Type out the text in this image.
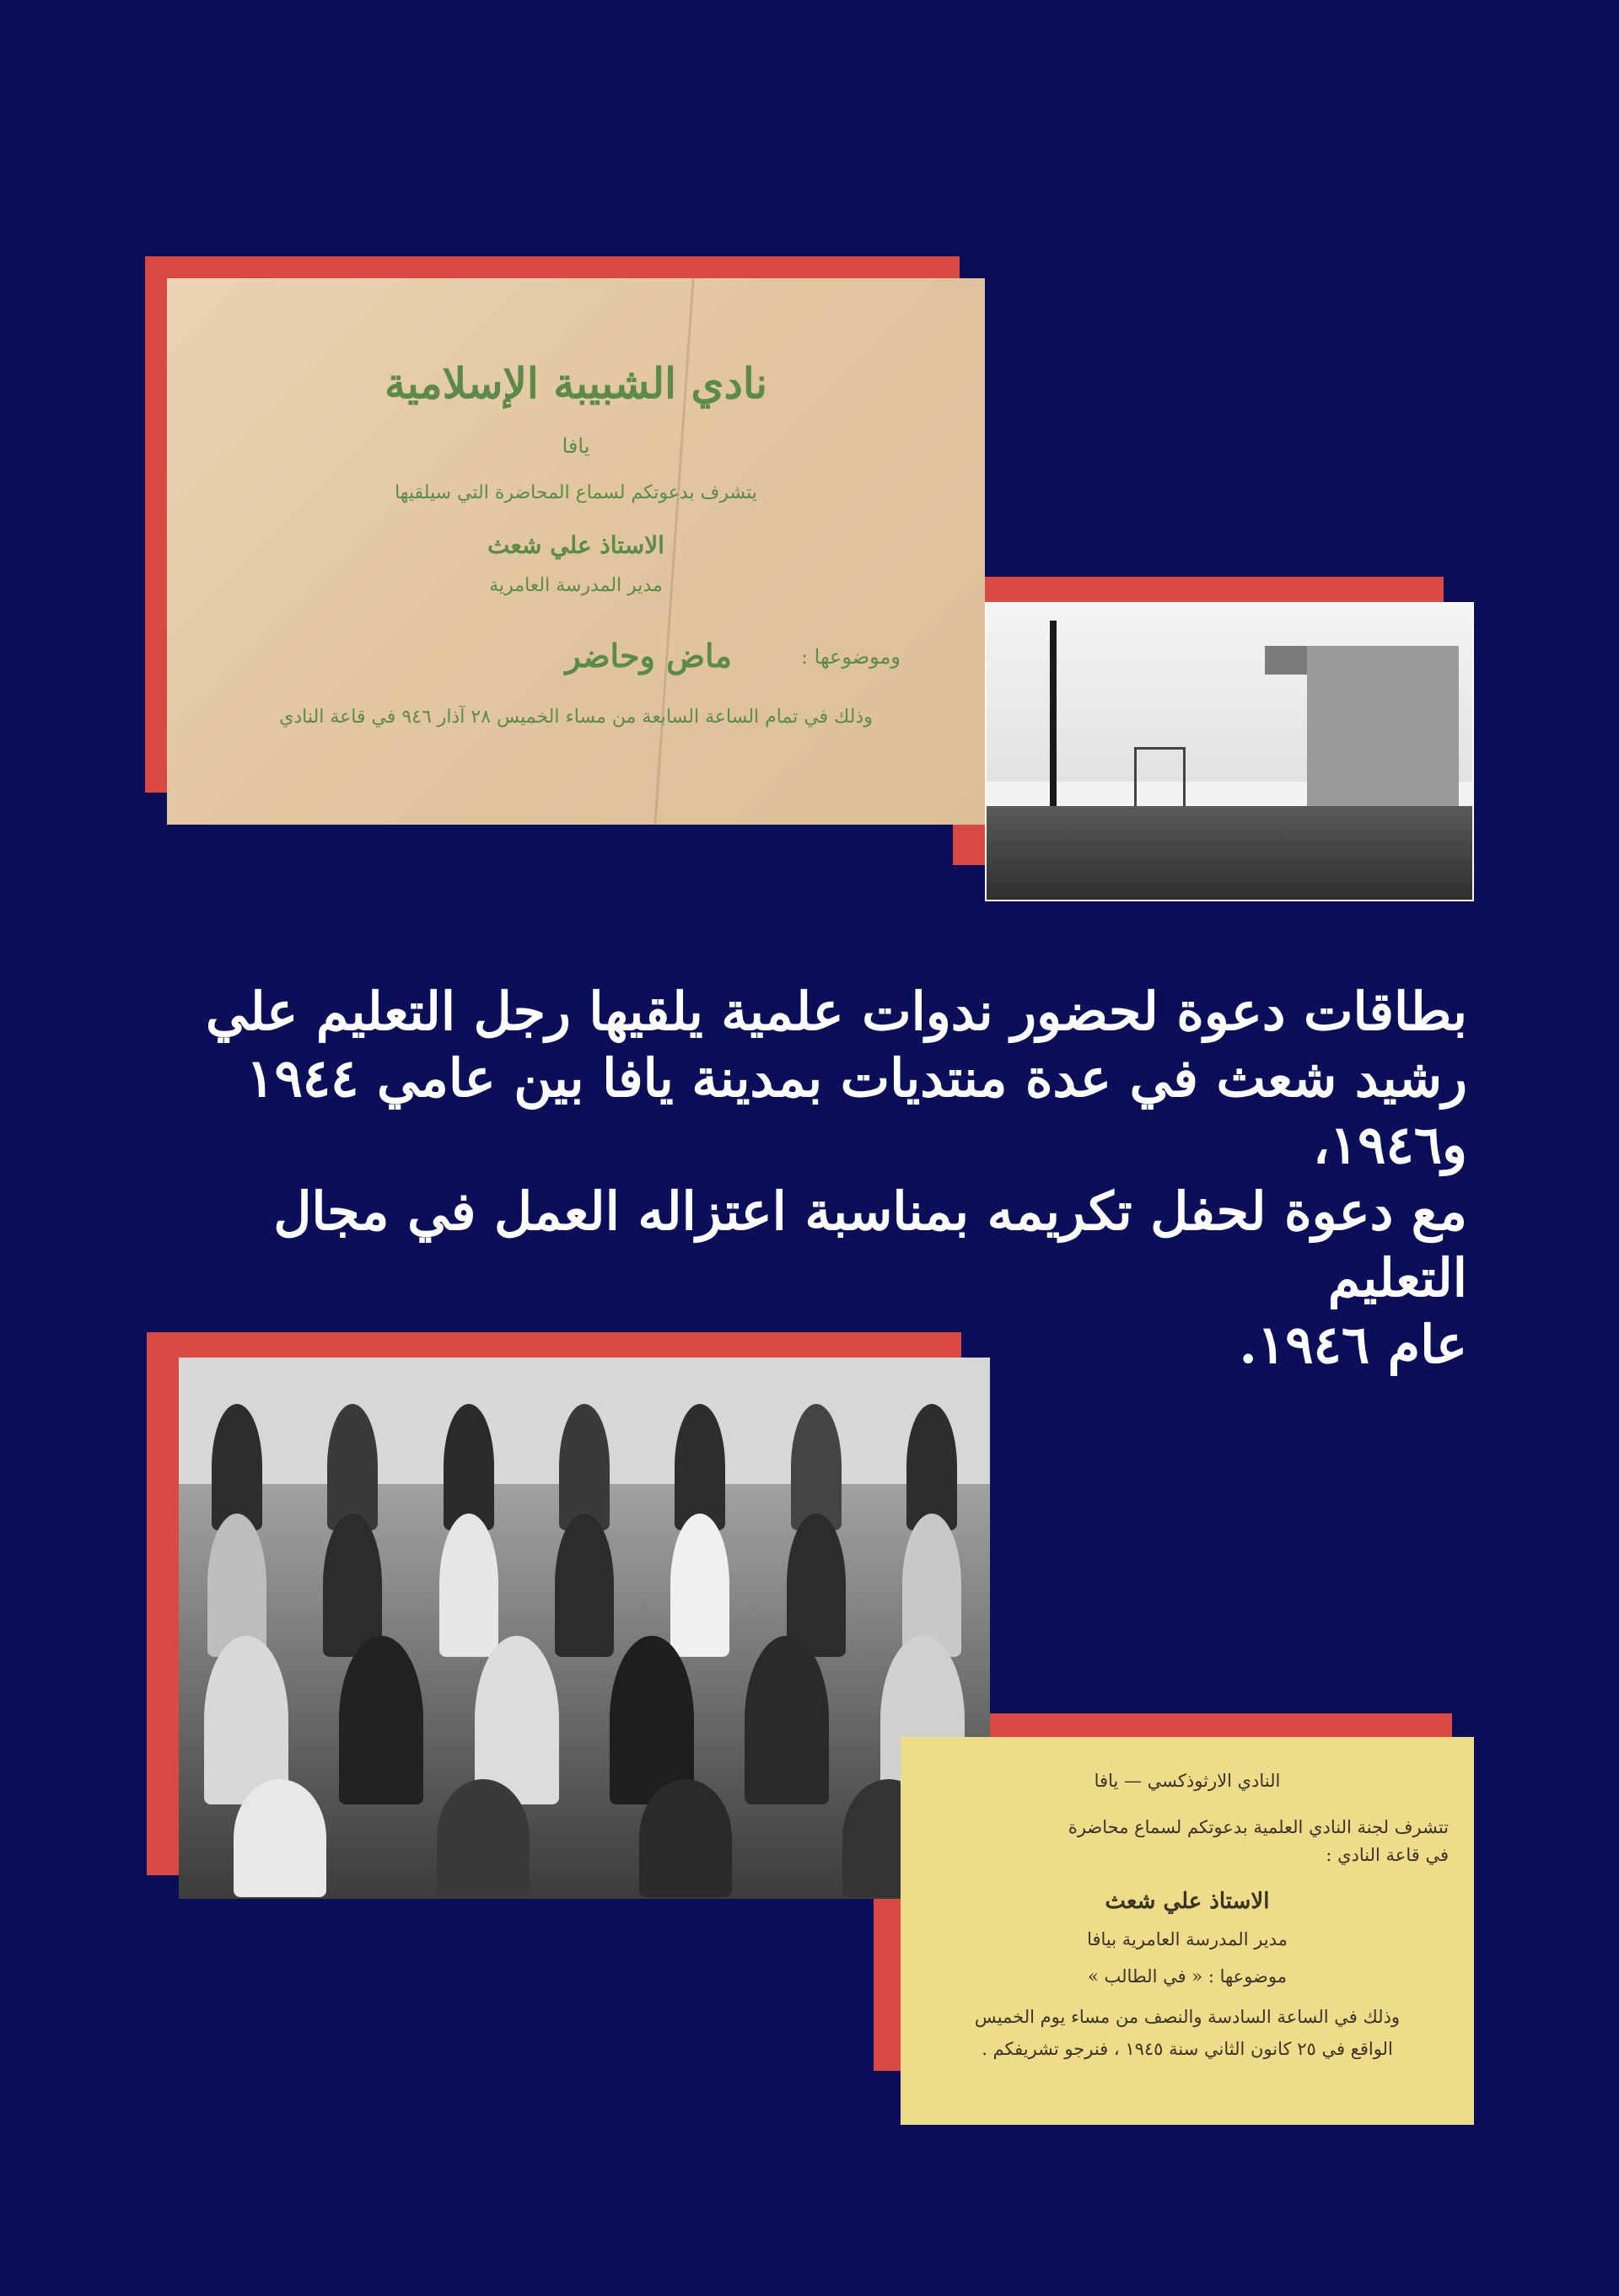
نادي الشبيبة الإسلامية
يافا
يتشرف بدعوتكم لسماع المحاضرة التي سيلقيها
الاستاذ علي شعث
مدير المدرسة العامرية
وموضوعها :
ماض وحاضر
وذلك في تمام الساعة السابعة من مساء الخميس ٢٨ آذار ٩٤٦ في قاعة النادي
بطاقات دعوة لحضور ندوات علمية يلقيها رجل التعليم علي
رشيد شعث في عدة منتديات بمدينة يافا بين عامي ١٩٤٤ و١٩٤٦،
مع دعوة لحفل تكريمه بمناسبة اعتزاله العمل في مجال التعليم
عام ١٩٤٦.
النادي الارثوذكسي — يافا
تتشرف لجنة النادي العلمية بدعوتكم لسماع محاضرة
في قاعة النادي :
الاستاذ علي شعث
مدير المدرسة العامرية بيافا
موضوعها : « في الطالب »
وذلك في الساعة السادسة والنصف من مساء يوم الخميس
الواقع في ٢٥ كانون الثاني سنة ١٩٤٥ ، فنرجو تشريفكم .
